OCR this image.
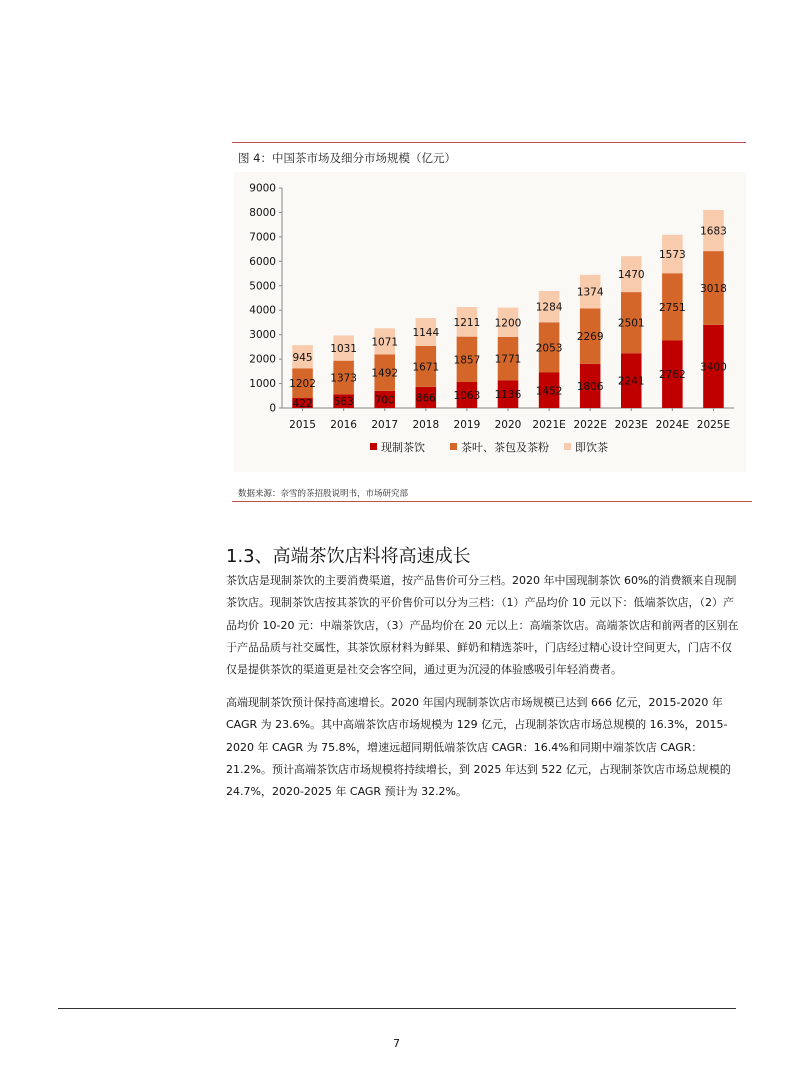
图 4：中国茶市场及细分市场规模（亿元）
0
1000
2000
3000
4000
5000
6000
7000
8000
9000
422
1202
945
2015
563
1373
1031
2016
700
1492
1071
2017
866
1671
1144
2018
1063
1857
1211
2019
1136
1771
1200
2020
1452
2053
1284
2021E
1806
2269
1374
2022E
2241
2501
1470
2023E
2762
2751
1573
2024E
3400
3018
1683
2025E
现制茶饮	茶叶、茶包及茶粉 即饮茶
数据来源：奈雪的茶招股说明书，市场研究部
1.3、高端茶饮店料将高速成长

茶饮店是现制茶饮的主要消费渠道，按产品售价可分三档。2020 年中国现制茶饮 60%的消费额来自现制茶饮店。现制茶饮店按其茶饮的平价售价可以分为三档：（1）产品均价 10 元以下：低端茶饮店，（2）产品均价 10-20 元：中端茶饮店，（3）产品均价在 20 元以上：高端茶饮店。高端茶饮店和前两者的区别在于产品品质与社交属性，其茶饮原材料为鲜果、鲜奶和精选茶叶，门店经过精心设计空间更大，门店不仅仅是提供茶饮的渠道更是社交会客空间，通过更为沉浸的体验感吸引年轻消费者。

高端现制茶饮预计保持高速增长。2020 年国内现制茶饮店市场规模已达到 666 亿元，2015-2020 年 CAGR 为 23.6%。其中高端茶饮店市场规模为 129 亿元，占现制茶饮店市场总规模的 16.3%，2015-2020 年 CAGR 为 75.8%，增速远超同期低端茶饮店 CAGR：16.4%和同期中端茶饮店 CAGR：21.2%。预计高端茶饮店市场规模将持续增长，到 2025 年达到 522 亿元，占现制茶饮店市场总规模的 24.7%，2020-2025 年 CAGR 预计为 32.2%。

7
